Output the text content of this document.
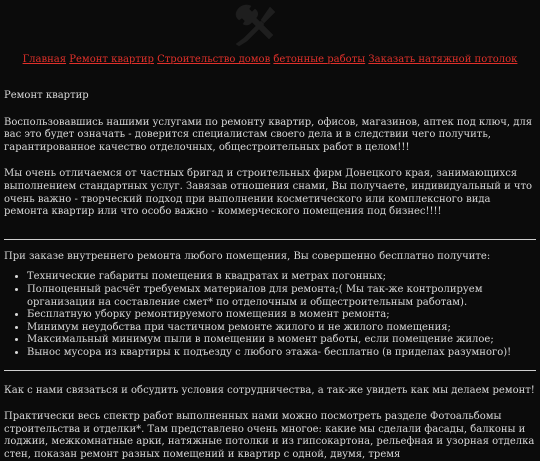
Главная Ремонт квартир Строительство домов бетонные работы Заказать натяжной потолок

Ремонт квартир

Воспользовавшись нашими услугами по ремонту квартир, офисов, магазинов, аптек под ключ, для вас это будет означать - доверится специалистам своего дела и в следствии чего получить, гарантированное качество отделочных, общестроительных работ в целом!!!

Мы очень отличаемся от частных бригад и строительных фирм Донецкого края, занимающихся выполнением стандартных услуг. Завязав отношения снами, Вы получаете, индивидуальный и что очень важно - творческий подход при выполнении косметического или комплексного вида ремонта квартир или что особо важно - коммерческого помещения под бизнес!!!!

При заказе внутреннего ремонта любого помещения, Вы совершенно бесплатно получите:

• Технические габариты помещения в квадратах и метрах погонных;
• Полноценный расчёт требуемых материалов для ремонта;( Мы так-же контролируем организации на составление смет* по отделочным и общестроительным работам).
• Бесплатную уборку ремонтируемого помещения в момент ремонта;
• Минимум неудобства при частичном ремонте жилого и не жилого помещения;
• Максимальный минимум пыли в помещении в момент работы, если помещение жилое;
• Вынос мусора из квартиры к подъезду с любого этажа- бесплатно (в приделах разумного)!

Как с нами связаться и обсудить условия сотрудничества, а так-же увидеть как мы делаем ремонт!

Практически весь спектр работ выполненных нами можно посмотреть разделе Фотоальбомы строительства и отделки*. Там представлено очень многое: какие мы сделали фасады, балконы и лоджии, межкомнатные арки, натяжные потолки и из гипсокартона, рельефная и узорная отделка стен, показан ремонт разных помещений и квартир с одной, двумя, тремя
